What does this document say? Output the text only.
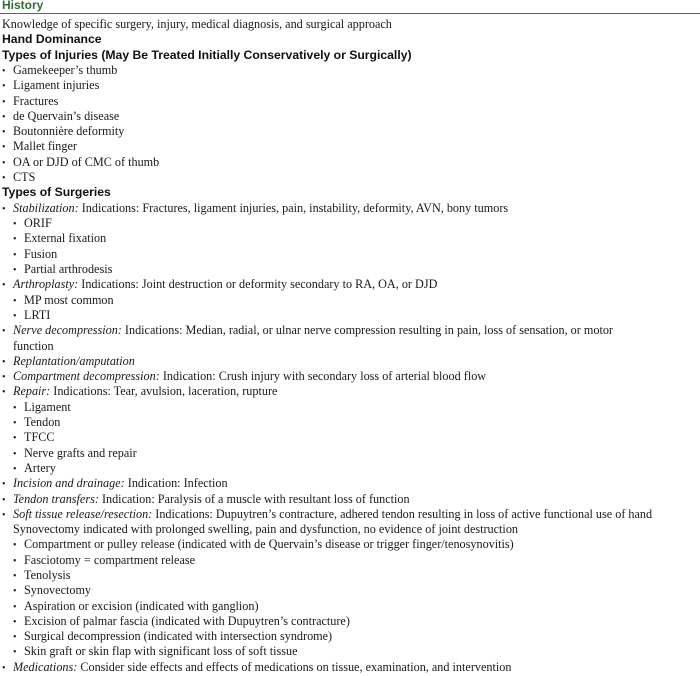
History
Knowledge of specific surgery, injury, medical diagnosis, and surgical approach
Hand Dominance
Types of Injuries (May Be Treated Initially Conservatively or Surgically)
• Gamekeeper’s thumb
• Ligament injuries
• Fractures
• de Quervain’s disease
• Boutonnière deformity
• Mallet finger
• OA or DJD of CMC of thumb
• CTS
Types of Surgeries
• Stabilization: Indications: Fractures, ligament injuries, pain, instability, deformity, AVN, bony tumors
• ORIF
• External fixation
• Fusion
• Partial arthrodesis
• Arthroplasty: Indications: Joint destruction or deformity secondary to RA, OA, or DJD
• MP most common
• LRTI
• Nerve decompression: Indications: Median, radial, or ulnar nerve compression resulting in pain, loss of sensation, or motor
function
• Replantation/amputation
• Compartment decompression: Indication: Crush injury with secondary loss of arterial blood flow
• Repair: Indications: Tear, avulsion, laceration, rupture
• Ligament
• Tendon
• TFCC
• Nerve grafts and repair
• Artery
• Incision and drainage: Indication: Infection
• Tendon transfers: Indication: Paralysis of a muscle with resultant loss of function
• Soft tissue release/resection: Indications: Dupuytren’s contracture, adhered tendon resulting in loss of active functional use of hand
Synovectomy indicated with prolonged swelling, pain and dysfunction, no evidence of joint destruction
• Compartment or pulley release (indicated with de Quervain’s disease or trigger finger/tenosynovitis)
• Fasciotomy = compartment release
• Tenolysis
• Synovectomy
• Aspiration or excision (indicated with ganglion)
• Excision of palmar fascia (indicated with Dupuytren’s contracture)
• Surgical decompression (indicated with intersection syndrome)
• Skin graft or skin flap with significant loss of soft tissue
• Medications: Consider side effects and effects of medications on tissue, examination, and intervention
